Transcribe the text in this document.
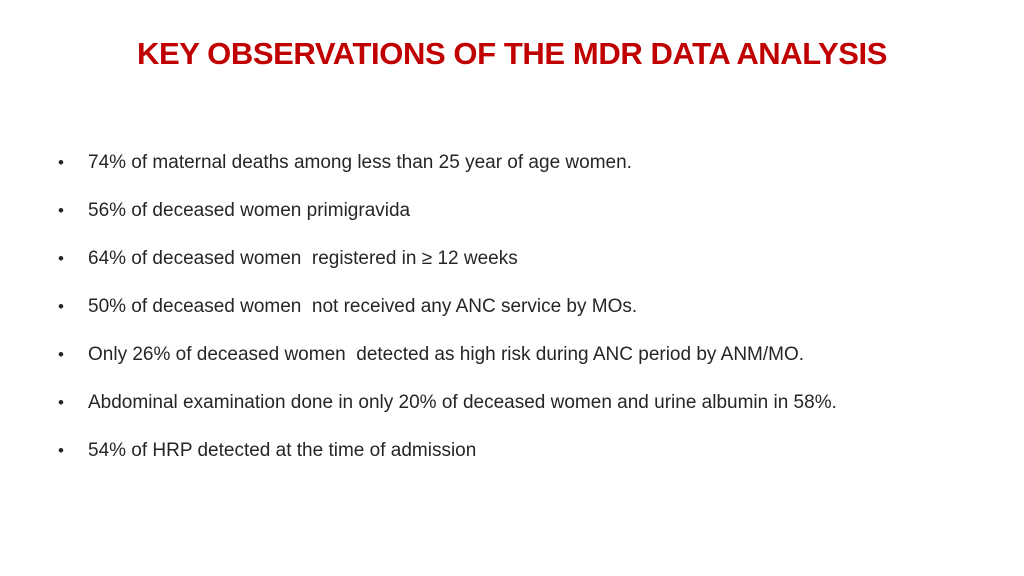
KEY OBSERVATIONS OF THE MDR DATA ANALYSIS
•	74% of maternal deaths among less than 25 year of age women.
•	56% of deceased women primigravida
•	64% of deceased women  registered in ≥ 12 weeks
•	50% of deceased women  not received any ANC service by MOs.
•	Only 26% of deceased women  detected as high risk during ANC period by ANM/MO.
•	Abdominal examination done in only 20% of deceased women and urine albumin in 58%.
•	54% of HRP detected at the time of admission
